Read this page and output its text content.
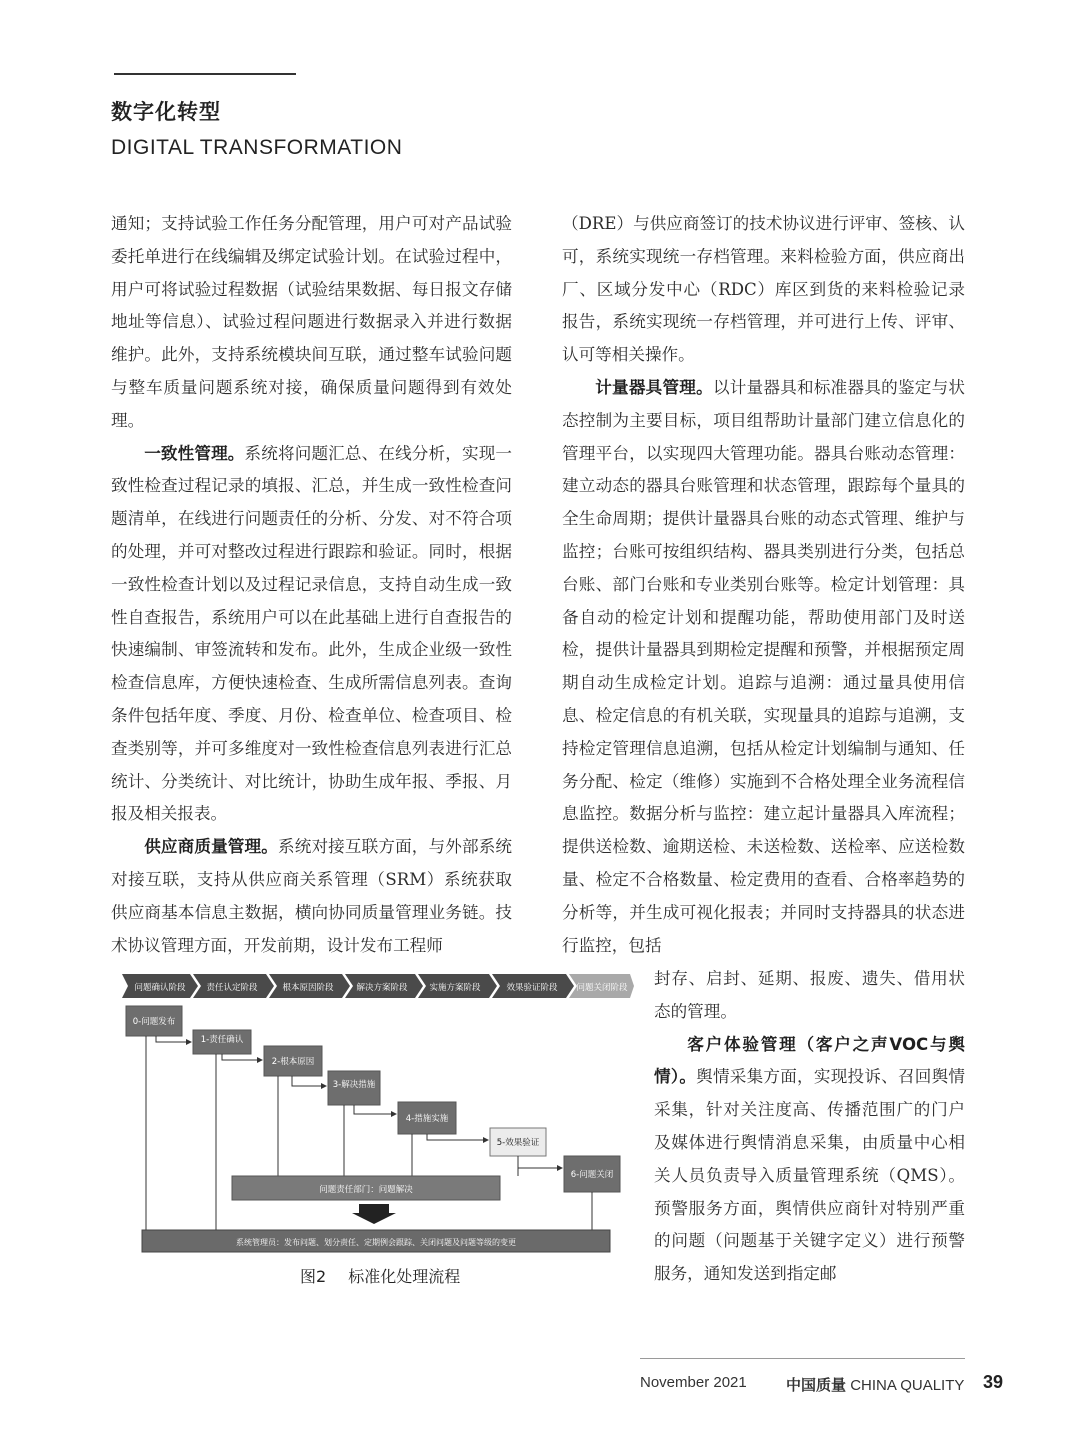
数字化转型
DIGITAL TRANSFORMATION

通知；支持试验工作任务分配管理，用户可对产品试验委托单进行在线编辑及绑定试验计划。在试验过程中，用户可将试验过程数据（试验结果数据、每日报文存储地址等信息）、试验过程问题进行数据录入并进行数据维护。此外，支持系统模块间互联，通过整车试验问题与整车质量问题系统对接，确保质量问题得到有效处理。

一致性管理。系统将问题汇总、在线分析，实现一致性检查过程记录的填报、汇总，并生成一致性检查问题清单，在线进行问题责任的分析、分发、对不符合项的处理，并可对整改过程进行跟踪和验证。同时，根据一致性检查计划以及过程记录信息，支持自动生成一致性自查报告，系统用户可以在此基础上进行自查报告的快速编制、审签流转和发布。此外，生成企业级一致性检查信息库，方便快速检查、生成所需信息列表。查询条件包括年度、季度、月份、检查单位、检查项目、检查类别等，并可多维度对一致性检查信息列表进行汇总统计、分类统计、对比统计，协助生成年报、季报、月报及相关报表。

供应商质量管理。系统对接互联方面，与外部系统对接互联，支持从供应商关系管理（SRM）系统获取供应商基本信息主数据，横向协同质量管理业务链。技术协议管理方面，开发前期，设计发布工程师

（DRE）与供应商签订的技术协议进行评审、签核、认可，系统实现统一存档管理。来料检验方面，供应商出厂、区域分发中心（RDC）库区到货的来料检验记录报告，系统实现统一存档管理，并可进行上传、评审、认可等相关操作。

计量器具管理。以计量器具和标准器具的鉴定与状态控制为主要目标，项目组帮助计量部门建立信息化的管理平台，以实现四大管理功能。器具台账动态管理：建立动态的器具台账管理和状态管理，跟踪每个量具的全生命周期；提供计量器具台账的动态式管理、维护与监控；台账可按组织结构、器具类别进行分类，包括总台账、部门台账和专业类别台账等。检定计划管理：具备自动的检定计划和提醒功能，帮助使用部门及时送检，提供计量器具到期检定提醒和预警，并根据预定周期自动生成检定计划。追踪与追溯：通过量具使用信息、检定信息的有机关联，实现量具的追踪与追溯，支持检定管理信息追溯，包括从检定计划编制与通知、任务分配、检定（维修）实施到不合格处理全业务流程信息监控。数据分析与监控：建立起计量器具入库流程；提供送检数、逾期送检、未送检数、送检率、应送检数量、检定不合格数量、检定费用的查看、合格率趋势的分析等，并生成可视化报表；并同时支持器具的状态进行监控，包括

封存、启封、延期、报废、遗失、借用状态的管理。

客户体验管理（客户之声VOC与舆情）。舆情采集方面，实现投诉、召回舆情采集，针对关注度高、传播范围广的门户及媒体进行舆情消息采集，由质量中心相关人员负责导入质量管理系统（QMS）。预警服务方面，舆情供应商针对特别严重的问题（问题基于关键字定义）进行预警服务，通知发送到指定邮

问题确认阶段 责任认定阶段	根本原因阶段	解决方案阶段	实施方案阶段	效果验证阶段 问题关闭阶段
0-问题发布
1-责任确认
2-根本原因
3-解决措施
4-措施实施
5-效果验证
6-问题关闭
问题责任部门：问题解决
系统管理员：发布问题、划分责任、定期例会跟踪、关闭问题及问题等级的变更
图2 标准化处理流程
November 2021	中国质量 CHINA QUALITY 39
